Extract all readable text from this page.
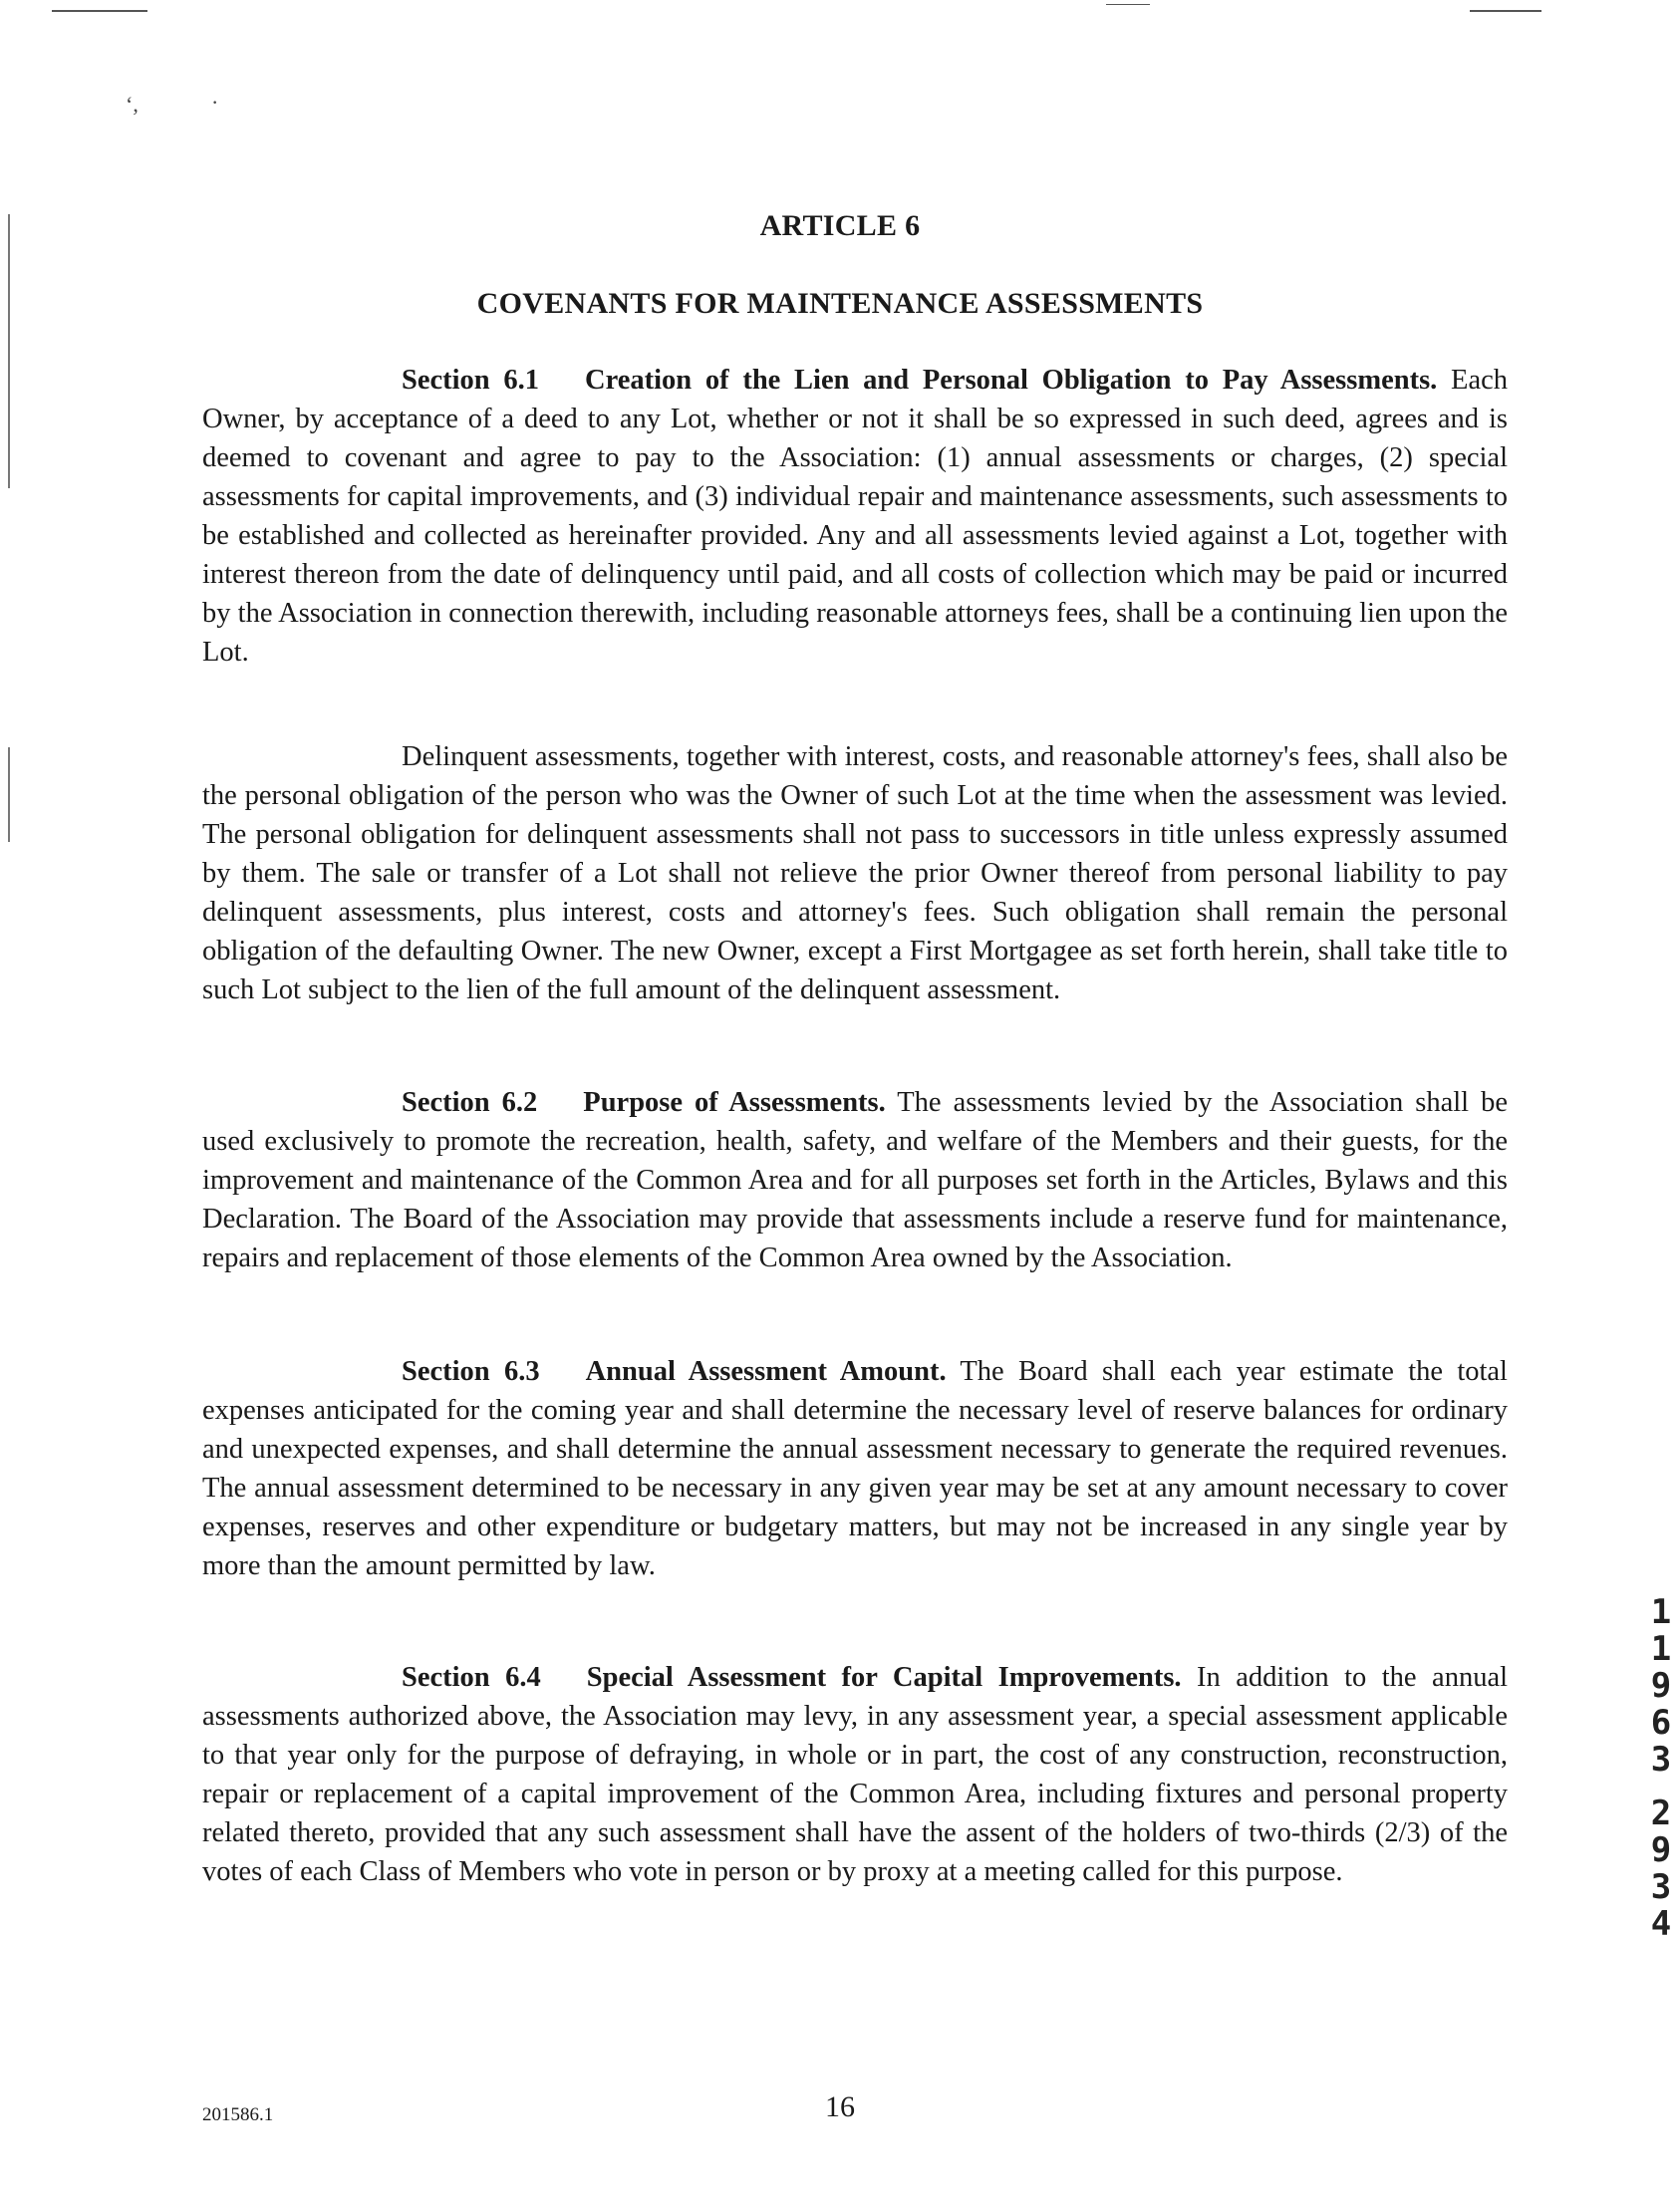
‘,	·
ARTICLE 6
COVENANTS FOR MAINTENANCE ASSESSMENTS

Section 6.1 Creation of the Lien and Personal Obligation to Pay Assessments. Each Owner, by acceptance of a deed to any Lot, whether or not it shall be so expressed in such deed, agrees and is deemed to covenant and agree to pay to the Association: (1) annual assessments or charges, (2) special assessments for capital improvements, and (3) individual repair and maintenance assessments, such assessments to be established and collected as hereinafter provided. Any and all assessments levied against a Lot, together with interest thereon from the date of delinquency until paid, and all costs of collection which may be paid or incurred by the Association in connection therewith, including reasonable attorneys fees, shall be a continuing lien upon the Lot.

Delinquent assessments, together with interest, costs, and reasonable attorney's fees, shall also be the personal obligation of the person who was the Owner of such Lot at the time when the assessment was levied. The personal obligation for delinquent assessments shall not pass to successors in title unless expressly assumed by them. The sale or transfer of a Lot shall not relieve the prior Owner thereof from personal liability to pay delinquent assessments, plus interest, costs and attorney's fees. Such obligation shall remain the personal obligation of the defaulting Owner. The new Owner, except a First Mortgagee as set forth herein, shall take title to such Lot subject to the lien of the full amount of the delinquent assessment.

Section 6.2 Purpose of Assessments. The assessments levied by the Association shall be used exclusively to promote the recreation, health, safety, and welfare of the Members and their guests, for the improvement and maintenance of the Common Area and for all purposes set forth in the Articles, Bylaws and this Declaration. The Board of the Association may provide that assessments include a reserve fund for maintenance, repairs and replacement of those elements of the Common Area owned by the Association.

Section 6.3 Annual Assessment Amount. The Board shall each year estimate the total expenses anticipated for the coming year and shall determine the necessary level of reserve balances for ordinary and unexpected expenses, and shall determine the annual assessment necessary to generate the required revenues. The annual assessment determined to be necessary in any given year may be set at any amount necessary to cover expenses, reserves and other expenditure or budgetary matters, but may not be increased in any single year by more than the amount permitted by law.

Section 6.4 Special Assessment for Capital Improvements. In addition to the annual assessments authorized above, the Association may levy, in any assessment year, a special assessment applicable to that year only for the purpose of defraying, in whole or in part, the cost of any construction, reconstruction, repair or replacement of a capital improvement of the Common Area, including fixtures and personal property related thereto, provided that any such assessment shall have the assent of the holders of two-thirds (2/3) of the votes of each Class of Members who vote in person or by proxy at a meeting called for this purpose.

1
1
9
6
3
2
9
3
4
201586.1	16
